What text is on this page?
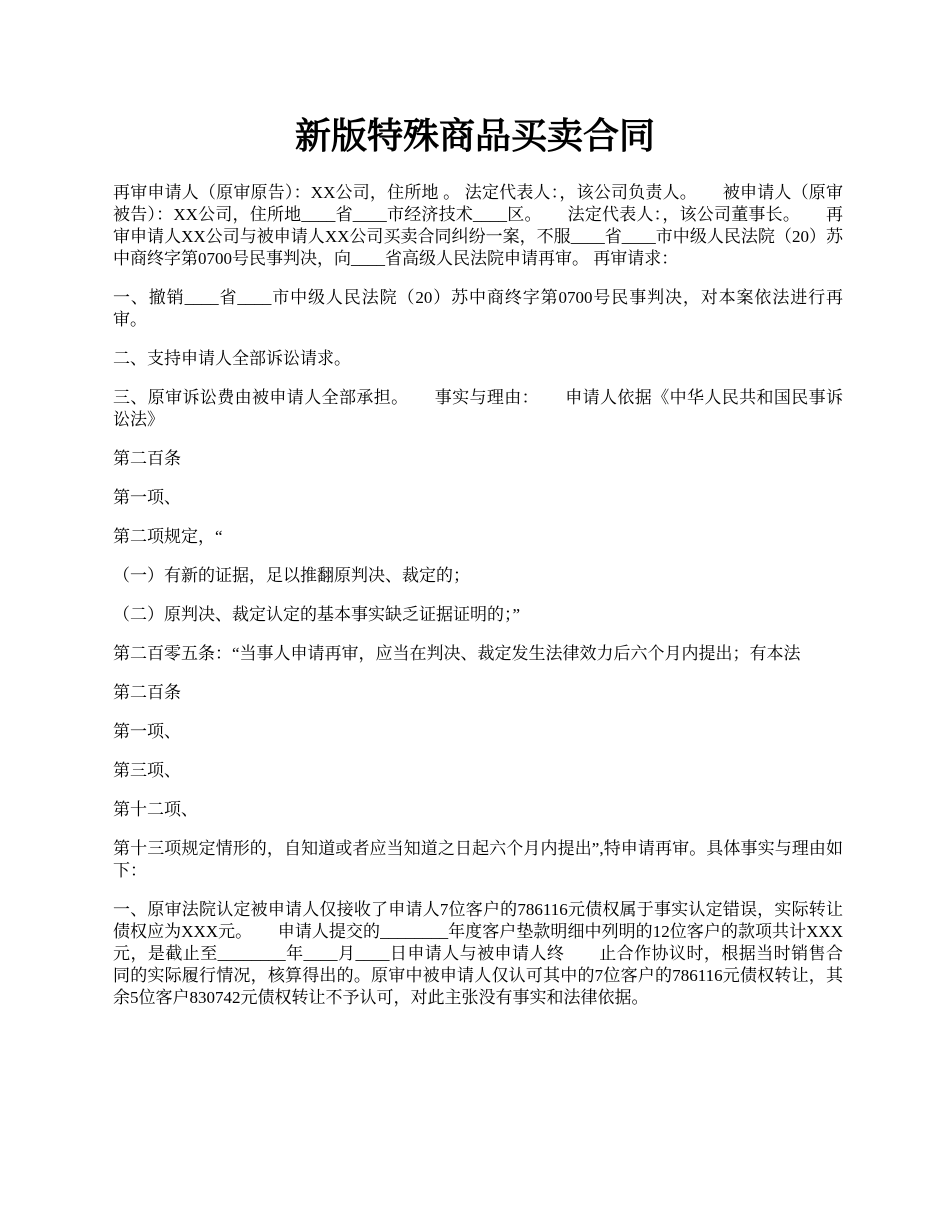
新版特殊商品买卖合同

再审申请人（原审原告）：XX公司，住所地 。 法定代表人：，该公司负责人。　　被申请人（原审被告）：XX公司，住所地____省____市经济技术____区。　　法定代表人：，该公司董事长。　　再审申请人XX公司与被申请人XX公司买卖合同纠纷一案，不服____省____市中级人民法院（20）苏中商终字第0700号民事判决，向____省高级人民法院申请再审。 再审请求：

一、撤销____省____市中级人民法院（20）苏中商终字第0700号民事判决，对本案依法进行再审。

二、支持申请人全部诉讼请求。

三、原审诉讼费由被申请人全部承担。　　事实与理由：　　申请人依据《中华人民共和国民事诉讼法》

第二百条

第一项、

第二项规定，“

（一）有新的证据，足以推翻原判决、裁定的；

（二）原判决、裁定认定的基本事实缺乏证据证明的；”

第二百零五条：“当事人申请再审，应当在判决、裁定发生法律效力后六个月内提出；有本法

第二百条

第一项、

第三项、

第十二项、

第十三项规定情形的，自知道或者应当知道之日起六个月内提出”,特申请再审。具体事实与理由如下：

一、原审法院认定被申请人仅接收了申请人7位客户的786116元债权属于事实认定错误，实际转让债权应为XXX元。　　申请人提交的________年度客户垫款明细中列明的12位客户的款项共计XXX元，是截止至________年____月____日申请人与被申请人终　　止合作协议时，根据当时销售合同的实际履行情况，核算得出的。原审中被申请人仅认可其中的7位客户的786116元债权转让，其余5位客户830742元债权转让不予认可，对此主张没有事实和法律依据。
